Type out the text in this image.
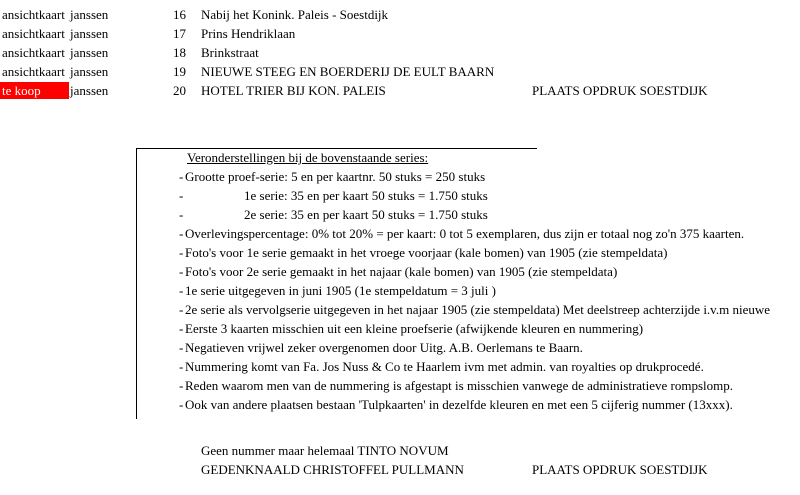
ansichtkaart janssen	16 Nabij het Konink. Paleis - Soestdijk
ansichtkaart janssen	17 Prins Hendriklaan
ansichtkaart janssen	18 Brinkstraat
ansichtkaart janssen	19 NIEUWE STEEG EN BOERDERIJ DE EULT BAARN
te koop	janssen	20 HOTEL TRIER BIJ KON. PALEIS	PLAATS OPDRUK SOESTDIJK
Veronderstellingen bij de bovenstaande series:
- Grootte proef-serie: 5 en per kaartnr. 50 stuks = 250 stuks
-	1e serie: 35 en per kaart 50 stuks = 1.750 stuks
-	2e serie: 35 en per kaart 50 stuks = 1.750 stuks
- Overlevingspercentage: 0% tot 20% = per kaart: 0 tot 5 exemplaren, dus zijn er totaal nog zo'n 375 kaarten.
- Foto's voor 1e serie gemaakt in het vroege voorjaar (kale bomen) van 1905 (zie stempeldata)
- Foto's voor 2e serie gemaakt in het najaar (kale bomen) van 1905 (zie stempeldata)
- 1e serie uitgegeven in juni 1905 (1e stempeldatum = 3 juli )
- 2e serie als vervolgserie uitgegeven in het najaar 1905 (zie stempeldata) Met deelstreep achterzijde i.v.m nieuwe
- Eerste 3 kaarten misschien uit een kleine proefserie (afwijkende kleuren en nummering)
- Negatieven vrijwel zeker overgenomen door Uitg. A.B. Oerlemans te Baarn.
- Nummering komt van Fa. Jos Nuss & Co te Haarlem ivm met admin. van royalties op drukprocedé.
- Reden waarom men van de nummering is afgestapt is misschien vanwege de administratieve rompslomp.
- Ook van andere plaatsen bestaan 'Tulpkaarten' in dezelfde kleuren en met een 5 cijferig nummer (13xxx).
Geen nummer maar helemaal TINTO NOVUM
GEDENKNAALD CHRISTOFFEL PULLMANN	PLAATS OPDRUK SOESTDIJK
